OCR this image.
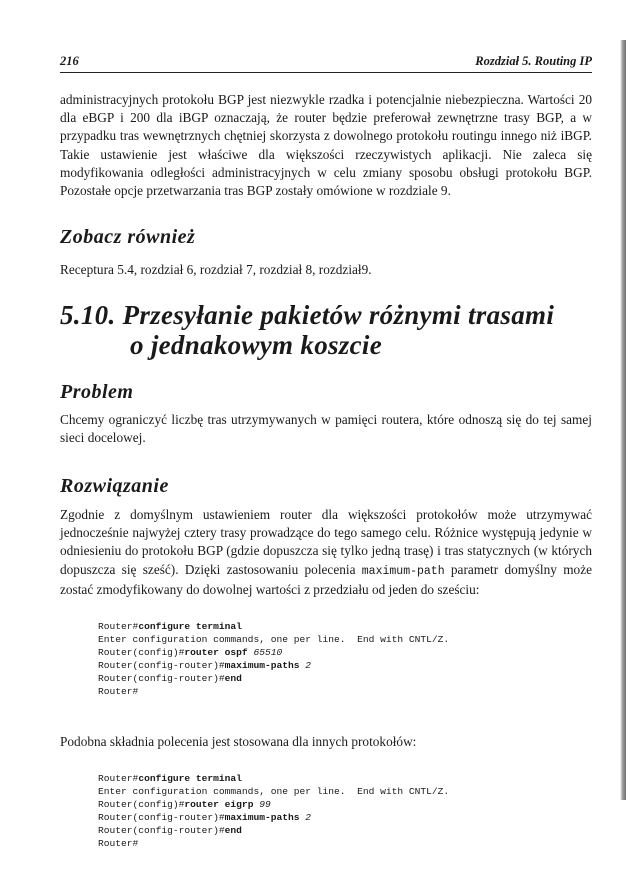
216	Rozdział 5. Routing IP
administracyjnych protokołu BGP jest niezwykle rzadka i potencjalnie niebezpieczna. Wartości 20 dla eBGP i 200 dla iBGP oznaczają, że router będzie preferował zewnętrzne trasy BGP, a w przypadku tras wewnętrznych chętniej skorzysta z dowolnego protokołu routingu innego niż iBGP. Takie ustawienie jest właściwe dla większości rzeczywistych aplikacji. Nie zaleca się modyfikowania odległości administracyjnych w celu zmiany sposobu obsługi protokołu BGP. Pozostałe opcje przetwarzania tras BGP zostały omówione w rozdziale 9.
Zobacz również
Receptura 5.4, rozdział 6, rozdział 7, rozdział 8, rozdział9.
5.10. Przesyłanie pakietów różnymi trasami
o jednakowym koszcie
Problem
Chcemy ograniczyć liczbę tras utrzymywanych w pamięci routera, które odnoszą się do tej samej sieci docelowej.
Rozwiązanie
Zgodnie z domyślnym ustawieniem router dla większości protokołów może utrzymywać jednocześnie najwyżej cztery trasy prowadzące do tego samego celu. Różnice występują jedynie w odniesieniu do protokołu BGP (gdzie dopuszcza się tylko jedną trasę) i tras statycznych (w których dopuszcza się sześć). Dzięki zastosowaniu polecenia maximum-path parametr domyślny może zostać zmodyfikowany do dowolnej wartości z przedziału od jeden do sześciu:
Router#configure terminal
Enter configuration commands, one per line.  End with CNTL/Z.
Router(config)#router ospf 65510
Router(config-router)#maximum-paths 2
Router(config-router)#end
Router#
Podobna składnia polecenia jest stosowana dla innych protokołów:
Router#configure terminal
Enter configuration commands, one per line.  End with CNTL/Z.
Router(config)#router eigrp 99
Router(config-router)#maximum-paths 2
Router(config-router)#end
Router#
